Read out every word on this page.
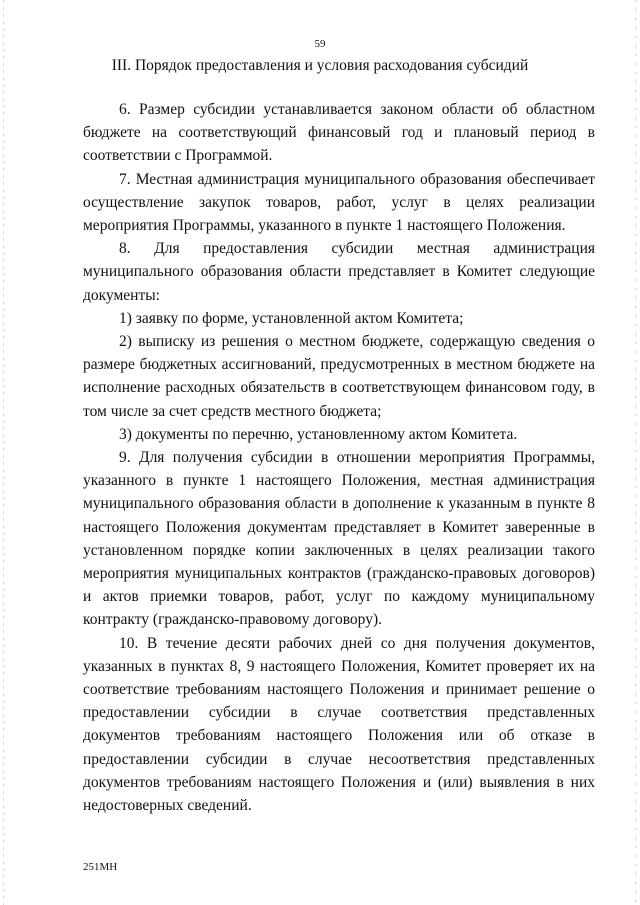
59
III. Порядок предоставления и условия расходования субсидий

6. Размер субсидии устанавливается законом области об областном бюджете на соответствующий финансовый год и плановый период в соответствии с Программой.

7. Местная администрация муниципального образования обеспечивает осуществление закупок товаров, работ, услуг в целях реализации мероприятия Программы, указанного в пункте 1 настоящего Положения.

8. Для предоставления субсидии местная администрация муниципального образования области представляет в Комитет следующие документы:

1) заявку по форме, установленной актом Комитета;

2) выписку из решения о местном бюджете, содержащую сведения о размере бюджетных ассигнований, предусмотренных в местном бюджете на исполнение расходных обязательств в соответствующем финансовом году, в том числе за счет средств местного бюджета;

3) документы по перечню, установленному актом Комитета.

9. Для получения субсидии в отношении мероприятия Программы, указанного в пункте 1 настоящего Положения, местная администрация муниципального образования области в дополнение к указанным в пункте 8 настоящего Положения документам представляет в Комитет заверенные в установленном порядке копии заключенных в целях реализации такого мероприятия муниципальных контрактов (гражданско-правовых договоров) и актов приемки товаров, работ, услуг по каждому муниципальному контракту (гражданско-правовому договору).

10. В течение десяти рабочих дней со дня получения документов, указанных в пунктах 8, 9 настоящего Положения, Комитет проверяет их на соответствие требованиям настоящего Положения и принимает решение о предоставлении субсидии в случае соответствия представленных документов требованиям настоящего Положения или об отказе в предоставлении субсидии в случае несоответствия представленных документов требованиям настоящего Положения и (или) выявления в них недостоверных сведений.

251МН
